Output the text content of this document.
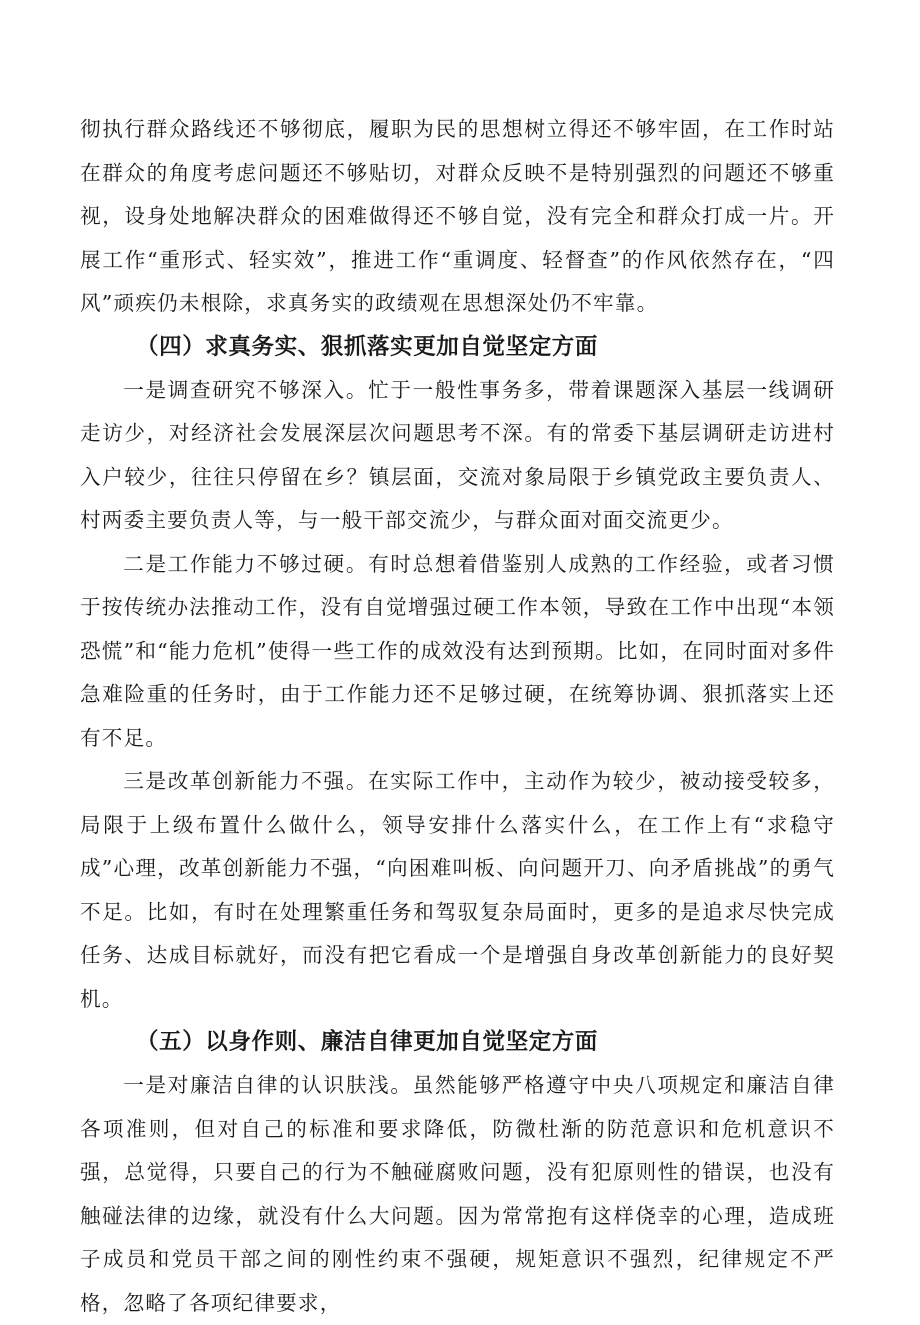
彻执行群众路线还不够彻底，履职为民的思想树立得还不够牢固，在工作时站在群众的角度考虑问题还不够贴切，对群众反映不是特别强烈的问题还不够重视，设身处地解决群众的困难做得还不够自觉，没有完全和群众打成一片。开展工作“重形式、轻实效”，推进工作“重调度、轻督查”的作风依然存在，“四风”顽疾仍未根除，求真务实的政绩观在思想深处仍不牢靠。

（四）求真务实、狠抓落实更加自觉坚定方面

一是调查研究不够深入。忙于一般性事务多，带着课题深入基层一线调研走访少，对经济社会发展深层次问题思考不深。有的常委下基层调研走访进村入户较少，往往只停留在乡？镇层面，交流对象局限于乡镇党政主要负责人、村两委主要负责人等，与一般干部交流少，与群众面对面交流更少。

二是工作能力不够过硬。有时总想着借鉴别人成熟的工作经验，或者习惯于按传统办法推动工作，没有自觉增强过硬工作本领，导致在工作中出现“本领恐慌”和“能力危机”使得一些工作的成效没有达到预期。比如，在同时面对多件急难险重的任务时，由于工作能力还不足够过硬，在统筹协调、狠抓落实上还有不足。

三是改革创新能力不强。在实际工作中，主动作为较少，被动接受较多，局限于上级布置什么做什么，领导安排什么落实什么，在工作上有“求稳守成”心理，改革创新能力不强，“向困难叫板、向问题开刀、向矛盾挑战”的勇气不足。比如，有时在处理繁重任务和驾驭复杂局面时，更多的是追求尽快完成任务、达成目标就好，而没有把它看成一个是增强自身改革创新能力的良好契机。

（五）以身作则、廉洁自律更加自觉坚定方面

一是对廉洁自律的认识肤浅。虽然能够严格遵守中央八项规定和廉洁自律各项准则，但对自己的标准和要求降低，防微杜渐的防范意识和危机意识不强，总觉得，只要自己的行为不触碰腐败问题，没有犯原则性的错误，也没有触碰法律的边缘，就没有什么大问题。因为常常抱有这样侥幸的心理，造成班子成员和党员干部之间的刚性约束不强硬，规矩意识不强烈，纪律规定不严格，忽略了各项纪律要求，
